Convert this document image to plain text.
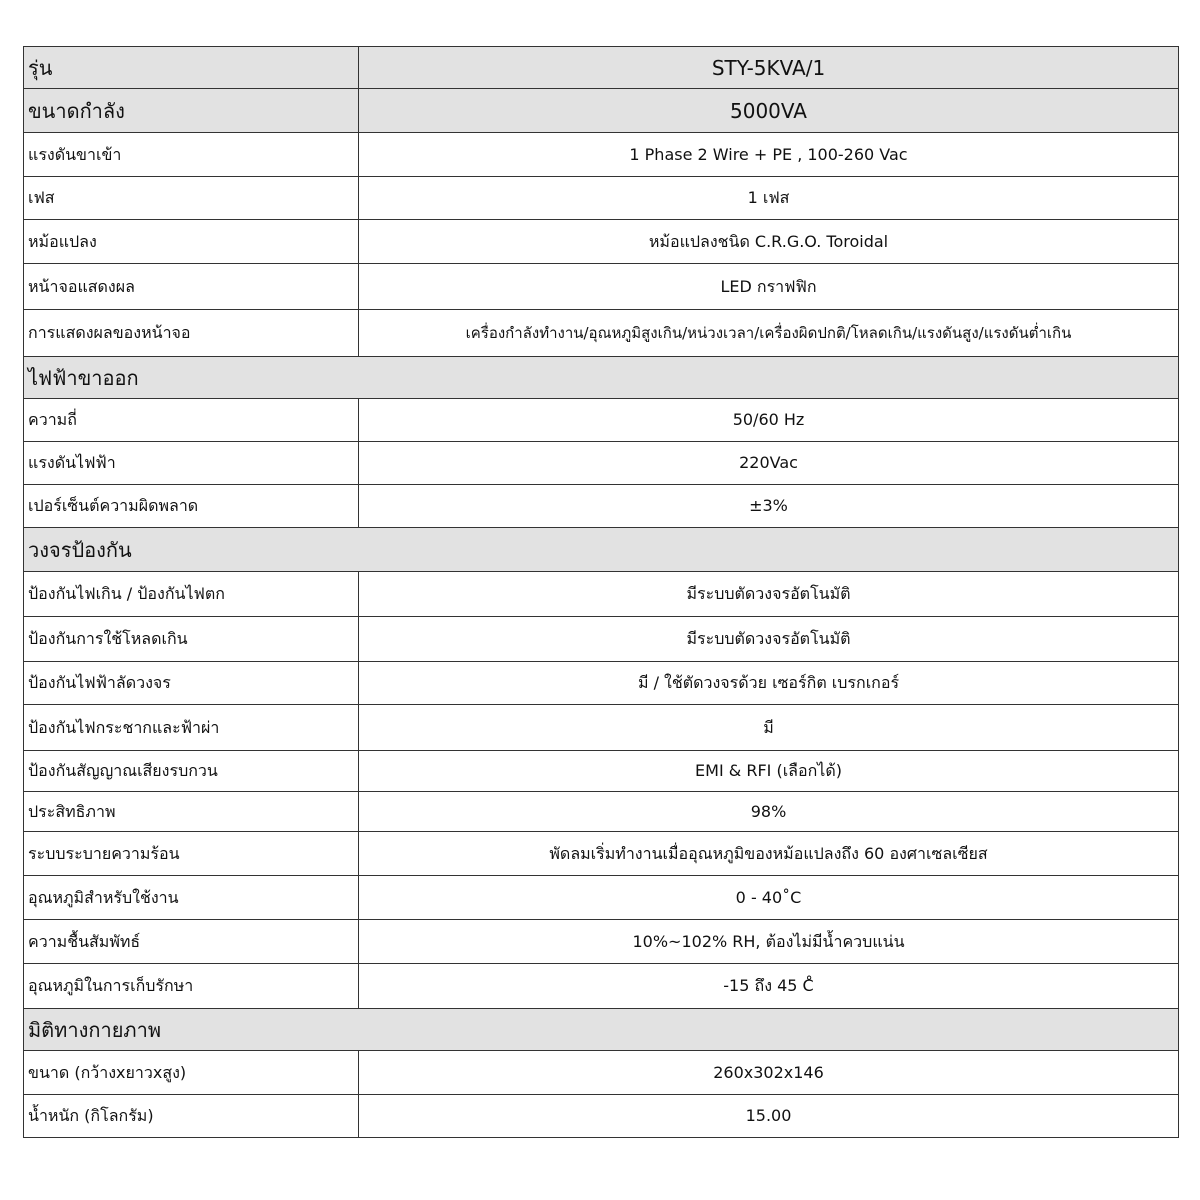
รุ่น	STY-5KVA/1
ขนาดกำลัง	5000VA
แรงดันขาเข้า	1 Phase 2 Wire + PE , 100-260 Vac
เฟส	1 เฟส
หม้อแปลง	หม้อแปลงชนิด C.R.G.O. Toroidal
หน้าจอแสดงผล	LED กราฟฟิก
การแสดงผลของหน้าจอ	เครื่องกำลังทำงาน/อุณหภูมิสูงเกิน/หน่วงเวลา/เครื่องผิดปกติ/โหลดเกิน/แรงดันสูง/แรงดันต่ำเกิน
ไฟฟ้าขาออก	
ความถี่	50/60 Hz
แรงดันไฟฟ้า	220Vac
เปอร์เซ็นต์ความผิดพลาด	±3%
วงจรป้องกัน	
ป้องกันไฟเกิน / ป้องกันไฟตก	มีระบบตัดวงจรอัตโนมัติ
ป้องกันการใช้โหลดเกิน	มีระบบตัดวงจรอัตโนมัติ
ป้องกันไฟฟ้าลัดวงจร	มี / ใช้ตัดวงจรด้วย เซอร์กิต เบรกเกอร์
ป้องกันไฟกระชากและฟ้าผ่า	มี
ป้องกันสัญญาณเสียงรบกวน	EMI & RFI (เลือกได้)
ประสิทธิภาพ	98%
ระบบระบายความร้อน	พัดลมเริ่มทำงานเมื่ออุณหภูมิของหม้อแปลงถึง 60 องศาเซลเซียส
อุณหภูมิสำหรับใช้งาน	0 - 40˚C
ความชื้นสัมพัทธ์	10%~102% RH, ต้องไม่มีน้ำควบแน่น
อุณหภูมิในการเก็บรักษา	-15 ถึง 45 C̊
มิติทางกายภาพ	
ขนาด (กว้างxยาวxสูง)	260x302x146
น้ำหนัก (กิโลกรัม)	15.00
